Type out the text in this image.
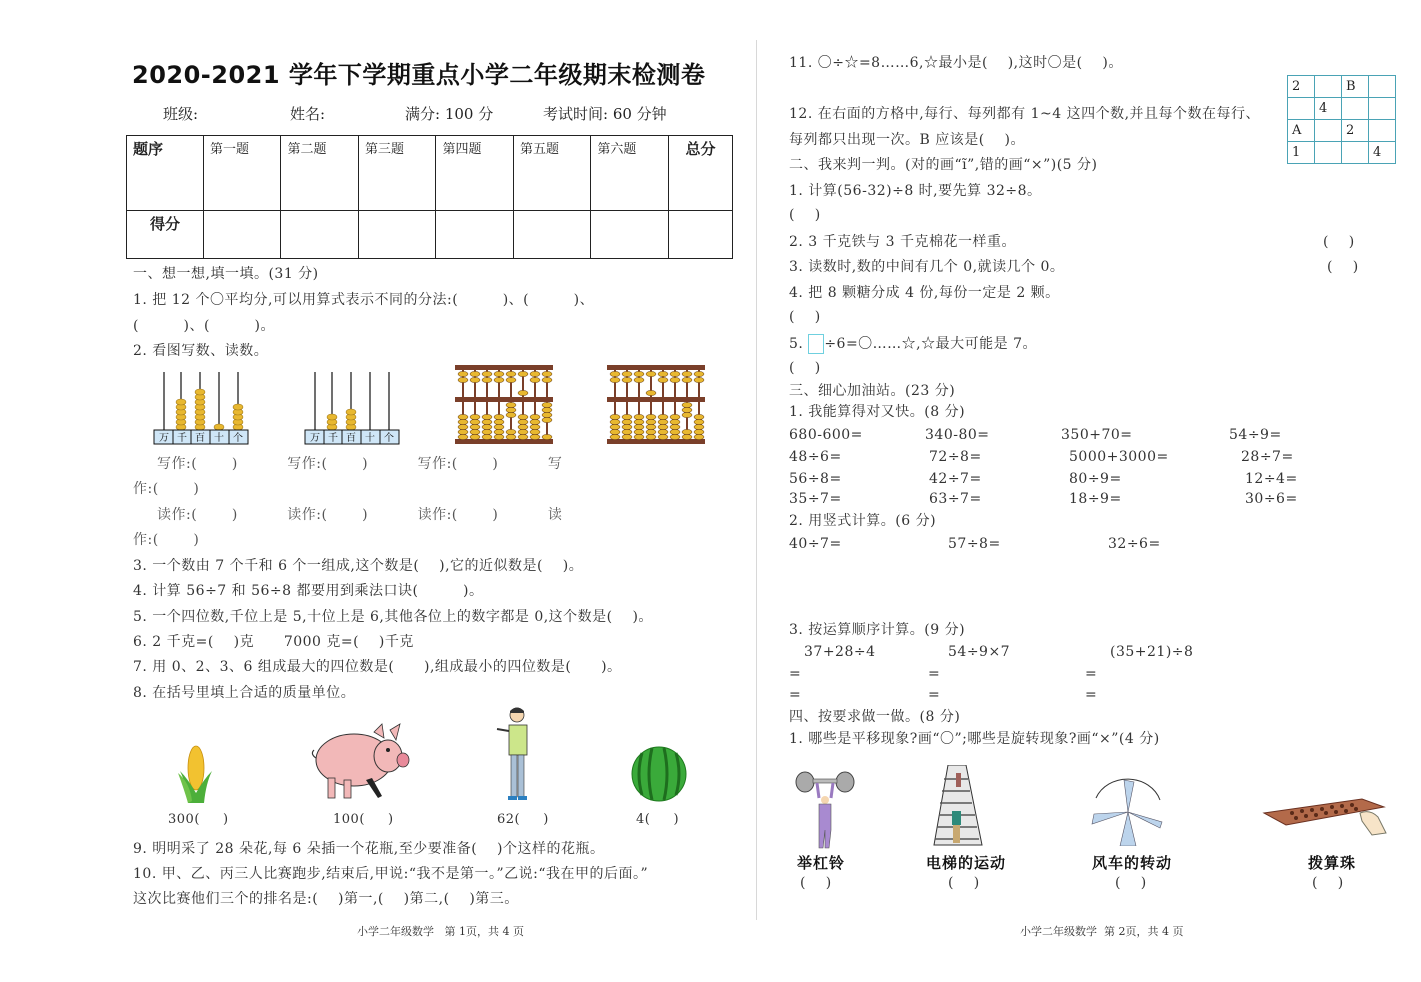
2020-2021 学年下学期重点小学二年级期末检测卷
班级:	姓名:	满分: 100 分	考试时间: 60 分钟
题序	第一题	第二题	第三题	第四题	第五题	第六题	总分
得分							
一、想一想,填一填。(31 分)
1. 把 12 个〇平均分,可以用算式表示不同的分法:(         )、(         )、
(         )、(         )。
2. 看图写数、读数。
万 千 百 十 个	万 千 百 十 个
写作:(       )          写作:(       )          写作:(       )          写
作:(       )
读作:(       )          读作:(       )          读作:(       )          读
作:(       )
3. 一个数由 7 个千和 6 个一组成,这个数是(    ),它的近似数是(    )。
4. 计算 56÷7 和 56÷8 都要用到乘法口诀(         )。
5. 一个四位数,千位上是 5,十位上是 6,其他各位上的数字都是 0,这个数是(    )。
6. 2 千克=(    )克      7000 克=(    )千克
7. 用 0、2、3、6 组成最大的四位数是(      ),组成最小的四位数是(      )。
8. 在括号里填上合适的质量单位。
300(     )	100(     )	62(     )	4(     )
9. 明明采了 28 朵花,每 6 朵插一个花瓶,至少要准备(    )个这样的花瓶。
10. 甲、乙、丙三人比赛跑步,结束后,甲说:“我不是第一。”乙说:“我在甲的后面。”
这次比赛他们三个的排名是:(    )第一,(    )第二,(    )第三。
小学二年级数学   第 1页，共 4 页
11. 〇÷☆=8……6,☆最小是(    ),这时〇是(    )。
2		B	
	4		
A		2	
1			4
12. 在右面的方格中,每行、每列都有 1~4 这四个数,并且每个数在每行、
每列都只出现一次。B 应该是(    )。
二、我来判一判。(对的画“ĩ”,错的画“×”)(5 分)
1. 计算(56-32)÷8 时,要先算 32÷8。
(    )
2. 3 千克铁与 3 千克棉花一样重。	(    )
3. 读数时,数的中间有几个 0,就读几个 0。	(    )
4. 把 8 颗糖分成 4 份,每份一定是 2 颗。
(    )
5. ÷6=〇……☆,☆最大可能是 7。
(    )
三、细心加油站。(23 分)
1. 我能算得对又快。(8 分)
680-600=	340-80=	350+70=	54÷9=
48÷6=	72÷8=	5000+3000=	28÷7=
56÷8=	42÷7=	80÷9=	12÷4=
35÷7=	63÷7=	18÷9=	30÷6=
2. 用竖式计算。(6 分)
40÷7=	57÷8=	32÷6=
3. 按运算顺序计算。(9 分)
37+28÷4	54÷9×7	(35+21)÷8
=	=	=
=	=	=
四、按要求做一做。(8 分)
1. 哪些是平移现象?画“〇”;哪些是旋转现象?画“×”(4 分)
举杠铃
(    )
电梯的运动
(    )
风车的转动
(    )
拨算珠
(    )
小学二年级数学  第 2页，共 4 页
